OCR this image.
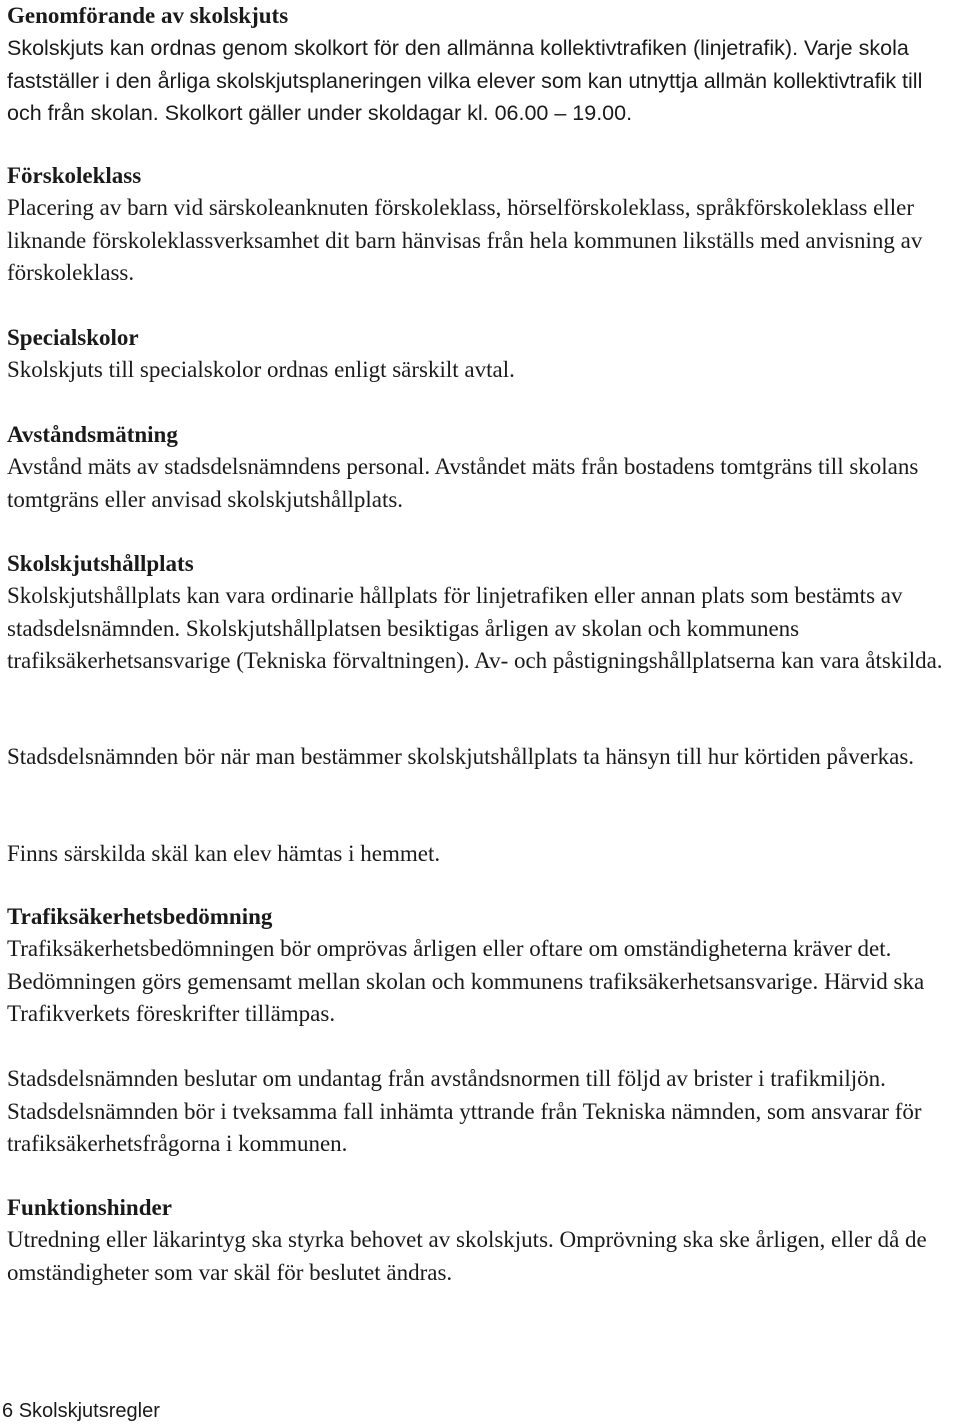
Genomförande av skolskjuts

Skolskjuts kan ordnas genom skolkort för den allmänna kollektivtrafiken (linjetrafik). Varje skola fastställer i den årliga skolskjutsplaneringen vilka elever som kan utnyttja allmän kollektivtrafik till och från skolan. Skolkort gäller under skoldagar kl. 06.00 – 19.00.

Förskoleklass

Placering av barn vid särskoleanknuten förskoleklass, hörselförskoleklass, språkförskoleklass eller liknande förskoleklassverksamhet dit barn hänvisas från hela kommunen likställs med anvisning av förskoleklass.

Specialskolor

Skolskjuts till specialskolor ordnas enligt särskilt avtal.

Avståndsmätning

Avstånd mäts av stadsdelsnämndens personal. Avståndet mäts från bostadens tomtgräns till skolans tomtgräns eller anvisad skolskjutshållplats.

Skolskjutshållplats

Skolskjutshållplats kan vara ordinarie hållplats för linjetrafiken eller annan plats som bestämts av stadsdelsnämnden. Skolskjutshållplatsen besiktigas årligen av skolan och kommunens trafiksäkerhetsansvarige (Tekniska förvaltningen). Av- och påstigningshållplatserna kan vara åtskilda.

Stadsdelsnämnden bör när man bestämmer skolskjutshållplats ta hänsyn till hur körtiden påverkas.

Finns särskilda skäl kan elev hämtas i hemmet.

Trafiksäkerhetsbedömning

Trafiksäkerhetsbedömningen bör omprövas årligen eller oftare om omständigheterna kräver det. Bedömningen görs gemensamt mellan skolan och kommunens trafiksäkerhetsansvarige. Härvid ska Trafikverkets föreskrifter tillämpas.

Stadsdelsnämnden beslutar om undantag från avståndsnormen till följd av brister i trafikmiljön. Stadsdelsnämnden bör i tveksamma fall inhämta yttrande från Tekniska nämnden, som ansvarar för trafiksäkerhetsfrågorna i kommunen.

Funktionshinder

Utredning eller läkarintyg ska styrka behovet av skolskjuts. Omprövning ska ske årligen, eller då de omständigheter som var skäl för beslutet ändras.

6 Skolskjutsregler
